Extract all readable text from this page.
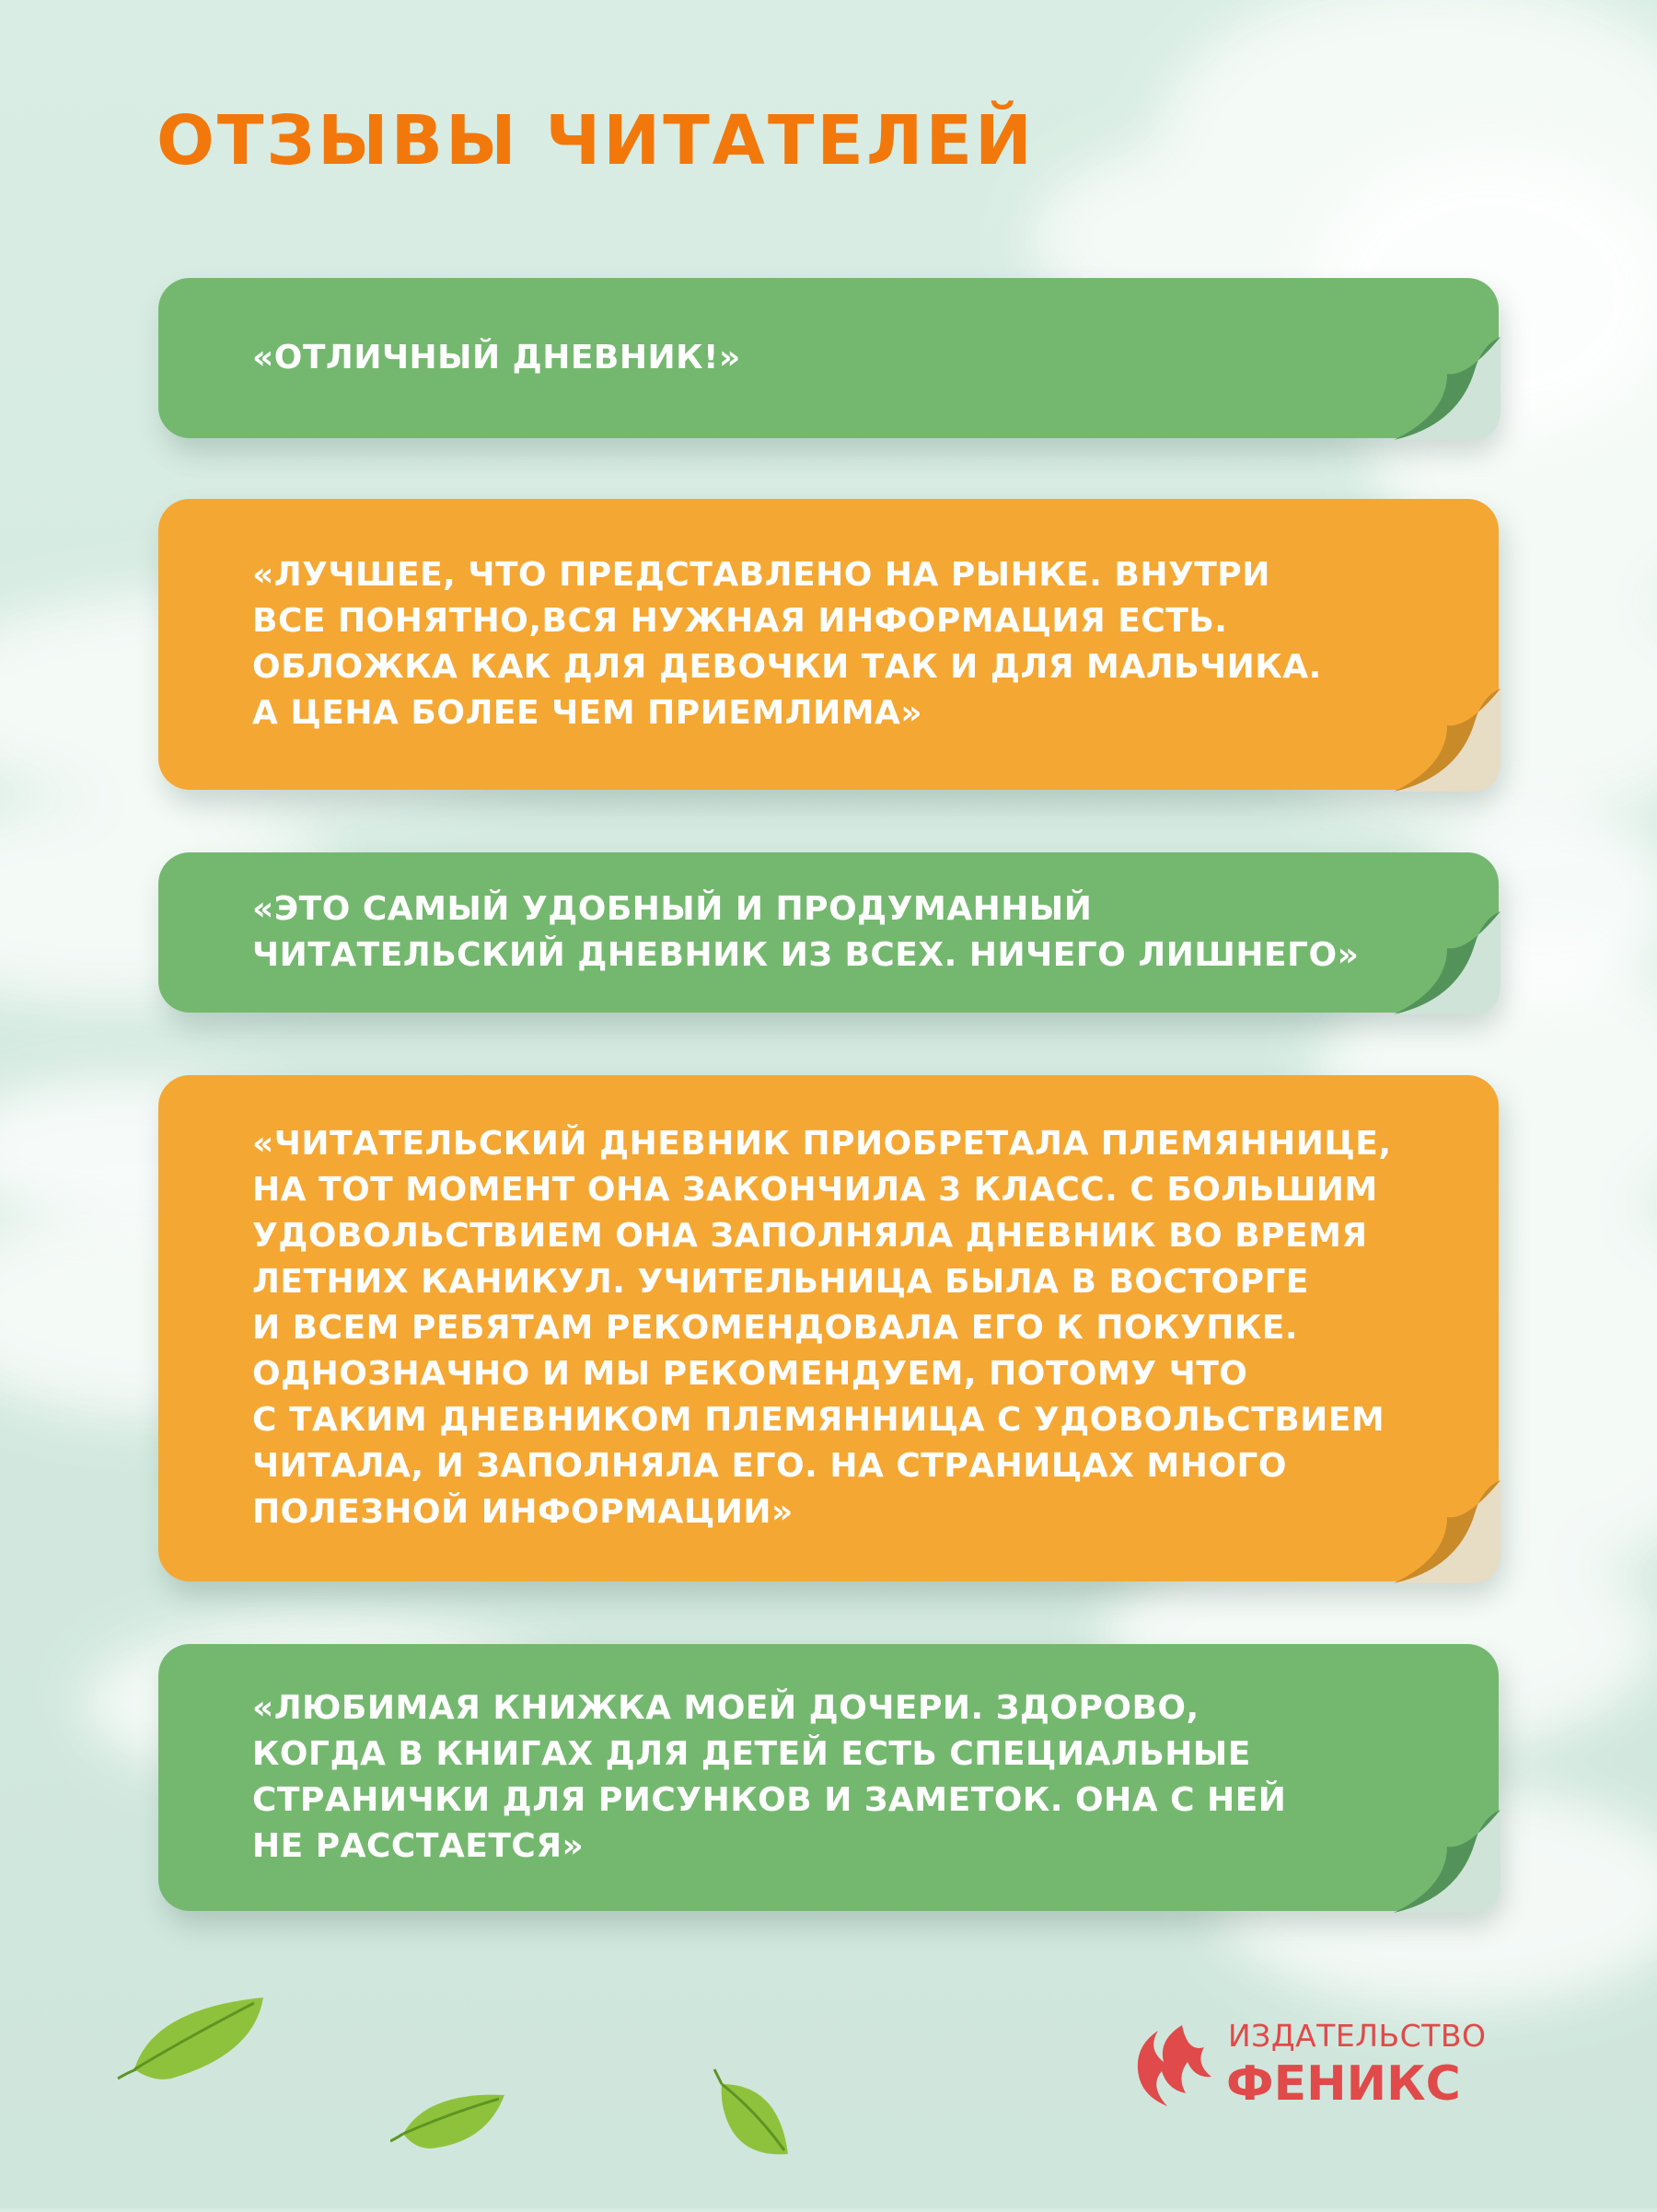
ОТЗЫВЫ ЧИТАТЕЛЕЙ

«ОТЛИЧНЫЙ ДНЕВНИК!»

«ЛУЧШЕЕ, ЧТО ПРЕДСТАВЛЕНО НА РЫНКЕ. ВНУТРИ
ВСЕ ПОНЯТНО,ВСЯ НУЖНАЯ ИНФОРМАЦИЯ ЕСТЬ.
ОБЛОЖКА КАК ДЛЯ ДЕВОЧКИ ТАК И ДЛЯ МАЛЬЧИКА.
А ЦЕНА БОЛЕЕ ЧЕМ ПРИЕМЛИМА»

«ЭТО САМЫЙ УДОБНЫЙ И ПРОДУМАННЫЙ
ЧИТАТЕЛЬСКИЙ ДНЕВНИК ИЗ ВСЕХ. НИЧЕГО ЛИШНЕГО»

«ЧИТАТЕЛЬСКИЙ ДНЕВНИК ПРИОБРЕТАЛА ПЛЕМЯННИЦЕ,
НА ТОТ МОМЕНТ ОНА ЗАКОНЧИЛА 3 КЛАСС. С БОЛЬШИМ
УДОВОЛЬСТВИЕМ ОНА ЗАПОЛНЯЛА ДНЕВНИК ВО ВРЕМЯ
ЛЕТНИХ КАНИКУЛ. УЧИТЕЛЬНИЦА БЫЛА В ВОСТОРГЕ
И ВСЕМ РЕБЯТАМ РЕКОМЕНДОВАЛА ЕГО К ПОКУПКЕ.
ОДНОЗНАЧНО И МЫ РЕКОМЕНДУЕМ, ПОТОМУ ЧТО
С ТАКИМ ДНЕВНИКОМ ПЛЕМЯННИЦА С УДОВОЛЬСТВИЕМ
ЧИТАЛА, И ЗАПОЛНЯЛА ЕГО. НА СТРАНИЦАХ МНОГО
ПОЛЕЗНОЙ ИНФОРМАЦИИ»

«ЛЮБИМАЯ КНИЖКА МОЕЙ ДОЧЕРИ. ЗДОРОВО,
КОГДА В КНИГАХ ДЛЯ ДЕТЕЙ ЕСТЬ СПЕЦИАЛЬНЫЕ
СТРАНИЧКИ ДЛЯ РИСУНКОВ И ЗАМЕТОК. ОНА С НЕЙ
НЕ РАССТАЕТСЯ»

ИЗДАТЕЛЬСТВО

ФЕНИКС
